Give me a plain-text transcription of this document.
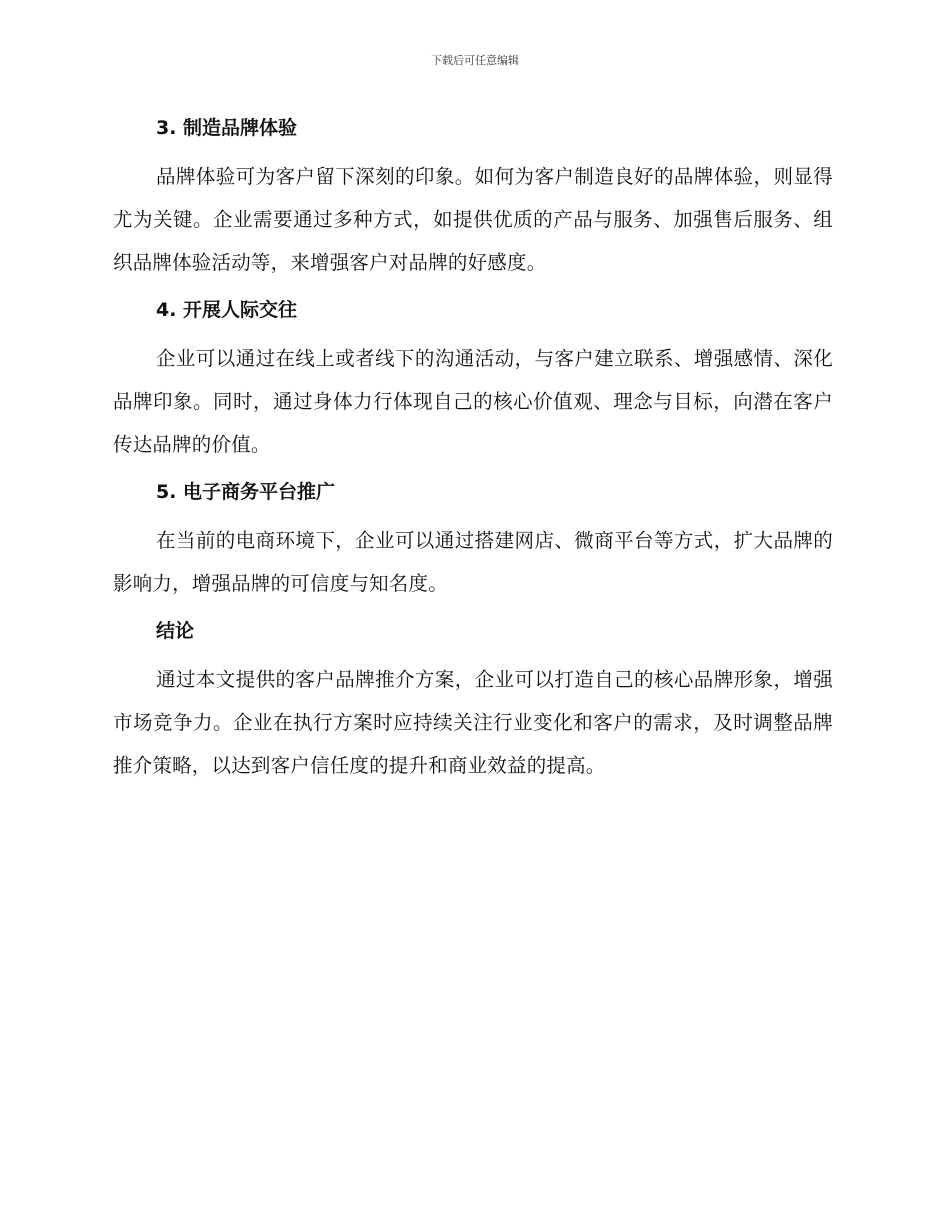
下载后可任意编辑
3. 制造品牌体验

品牌体验可为客户留下深刻的印象。如何为客户制造良好的品牌体验，则显得尤为关键。企业需要通过多种方式，如提供优质的产品与服务、加强售后服务、组织品牌体验活动等，来增强客户对品牌的好感度。

4. 开展人际交往

企业可以通过在线上或者线下的沟通活动，与客户建立联系、增强感情、深化品牌印象。同时，通过身体力行体现自己的核心价值观、理念与目标，向潜在客户传达品牌的价值。

5. 电子商务平台推广

在当前的电商环境下，企业可以通过搭建网店、微商平台等方式，扩大品牌的影响力，增强品牌的可信度与知名度。

结论

通过本文提供的客户品牌推介方案，企业可以打造自己的核心品牌形象，增强市场竞争力。企业在执行方案时应持续关注行业变化和客户的需求，及时调整品牌推介策略，以达到客户信任度的提升和商业效益的提高。
